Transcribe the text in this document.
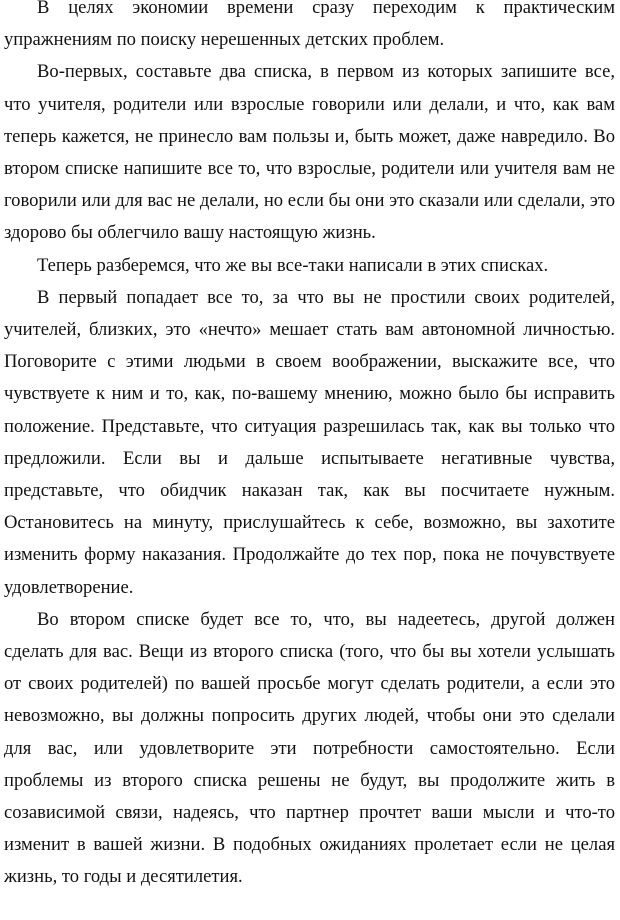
В целях экономии времени сразу переходим к практическим упражнениям по поиску нерешенных детских проблем.

Во-первых, составьте два списка, в первом из которых запишите все, что учителя, родители или взрослые говорили или делали, и что, как вам теперь кажется, не принесло вам пользы и, быть может, даже навредило. Во втором списке напишите все то, что взрослые, родители или учителя вам не говорили или для вас не делали, но если бы они это сказали или сделали, это здорово бы облегчило вашу настоящую жизнь.

Теперь разберемся, что же вы все-таки написали в этих списках.

В первый попадает все то, за что вы не простили своих родителей, учителей, близких, это «нечто» мешает стать вам автономной личностью. Поговорите с этими людьми в своем воображении, выскажите все, что чувствуете к ним и то, как, по-вашему мнению, можно было бы исправить положение. Представьте, что ситуация разрешилась так, как вы только что предложили. Если вы и дальше испытываете негативные чувства, представьте, что обидчик наказан так, как вы посчитаете нужным. Остановитесь на минуту, прислушайтесь к себе, возможно, вы захотите изменить форму наказания. Продолжайте до тех пор, пока не почувствуете удовлетворение.

Во втором списке будет все то, что, вы надеетесь, другой должен сделать для вас. Вещи из второго списка (того, что бы вы хотели услышать от своих родителей) по вашей просьбе могут сделать родители, а если это невозможно, вы должны попросить других людей, чтобы они это сделали для вас, или удовлетворите эти потребности самостоятельно. Если проблемы из второго списка решены не будут, вы продолжите жить в созависимой связи, надеясь, что партнер прочтет ваши мысли и что-то изменит в вашей жизни. В подобных ожиданиях пролетает если не целая жизнь, то годы и десятилетия.
